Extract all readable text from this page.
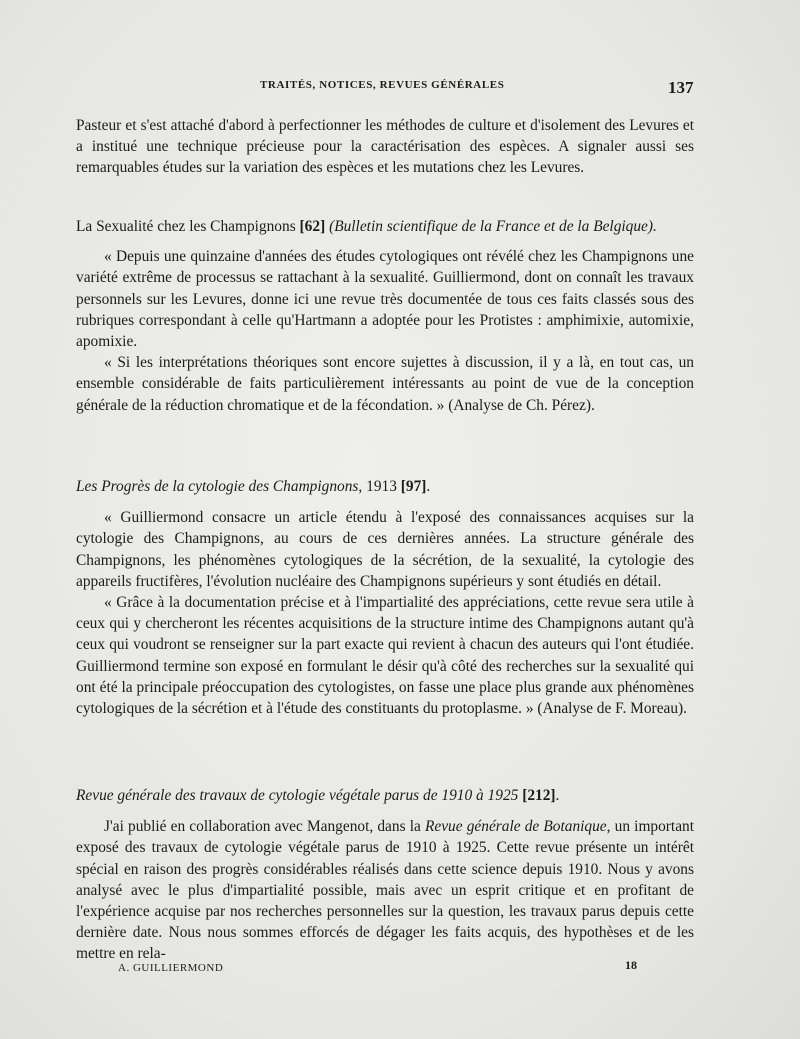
TRAITÉS, NOTICES, REVUES GÉNÉRALES	137

Pasteur et s'est attaché d'abord à perfectionner les méthodes de culture et d'isolement des Levures et a institué une technique précieuse pour la caractérisation des espèces. A signaler aussi ses remarquables études sur la variation des espèces et les mutations chez les Levures.

La Sexualité chez les Champignons [62] (Bulletin scientifique de la France et de la Belgique).

« Depuis une quinzaine d'années des études cytologiques ont révélé chez les Champignons une variété extrême de processus se rattachant à la sexualité. Guilliermond, dont on connaît les travaux personnels sur les Levures, donne ici une revue très documentée de tous ces faits classés sous des rubriques correspondant à celle qu'Hartmann a adoptée pour les Protistes : amphimixie, automixie, apomixie.

« Si les interprétations théoriques sont encore sujettes à discussion, il y a là, en tout cas, un ensemble considérable de faits particulièrement intéressants au point de vue de la conception générale de la réduction chromatique et de la fécondation. » (Analyse de Ch. Pérez).

Les Progrès de la cytologie des Champignons, 1913 [97].

« Guilliermond consacre un article étendu à l'exposé des connaissances acquises sur la cytologie des Champignons, au cours de ces dernières années. La structure générale des Champignons, les phénomènes cytologiques de la sécrétion, de la sexualité, la cytologie des appareils fructifères, l'évolution nucléaire des Champignons supérieurs y sont étudiés en détail.

« Grâce à la documentation précise et à l'impartialité des appréciations, cette revue sera utile à ceux qui y chercheront les récentes acquisitions de la structure intime des Champignons autant qu'à ceux qui voudront se renseigner sur la part exacte qui revient à chacun des auteurs qui l'ont étudiée. Guilliermond termine son exposé en formulant le désir qu'à côté des recherches sur la sexualité qui ont été la principale préoccupation des cytologistes, on fasse une place plus grande aux phénomènes cytologiques de la sécrétion et à l'étude des constituants du protoplasme. » (Analyse de F. Moreau).

Revue générale des travaux de cytologie végétale parus de 1910 à 1925 [212].

J'ai publié en collaboration avec Mangenot, dans la Revue générale de Botanique, un important exposé des travaux de cytologie végétale parus de 1910 à 1925. Cette revue présente un intérêt spécial en raison des progrès considérables réalisés dans cette science depuis 1910. Nous y avons analysé avec le plus d'impartialité possible, mais avec un esprit critique et en profitant de l'expérience acquise par nos recherches personnelles sur la question, les travaux parus depuis cette dernière date. Nous nous sommes efforcés de dégager les faits acquis, des hypothèses et de les mettre en rela-

A. GUILLIERMOND	18
